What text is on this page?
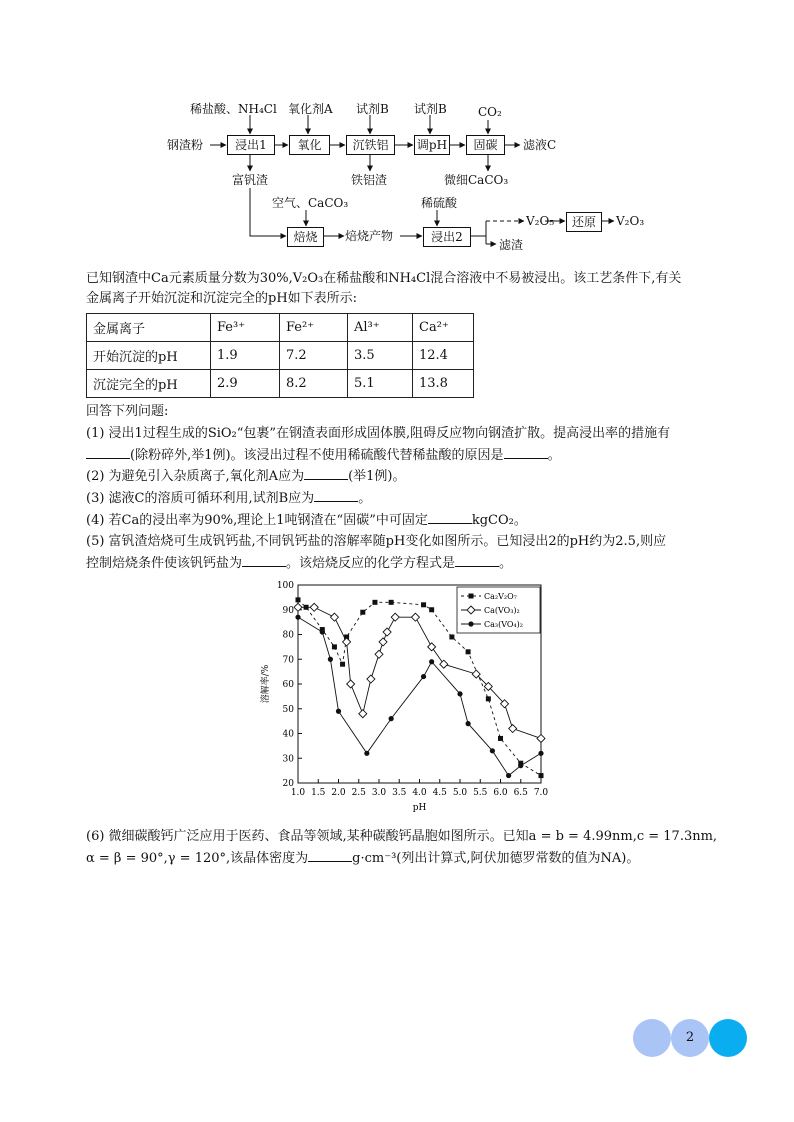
钢渣粉
稀盐酸、NH₄Cl 氧化剂A 试剂B 试剂B	CO₂
浸出1	氧化	沉铁铝	调pH	固碳	滤液C
富钒渣	铁铝渣	微细CaCO₃
空气、CaCO₃	稀硫酸
焙烧	焙烧产物	浸出2
V₂O₅	还原	V₂O₃
滤渣
已知钢渣中Ca元素质量分数为30%,V₂O₃在稀盐酸和NH₄Cl混合溶液中不易被浸出。该工艺条件下,有关
金属离子开始沉淀和沉淀完全的pH如下表所示:
金属离子	Fe³⁺	Fe²⁺	Al³⁺	Ca²⁺
开始沉淀的pH	1.9	7.2	3.5	12.4
沉淀完全的pH	2.9	8.2	5.1	13.8
回答下列问题:
(1) 浸出1过程生成的SiO₂“包裹”在钢渣表面形成固体膜,阻碍反应物向钢渣扩散。提高浸出率的措施有
(除粉碎外,举1例)。该浸出过程不使用稀硫酸代替稀盐酸的原因是	。
(2) 为避免引入杂质离子,氧化剂A应为	(举1例)。
(3) 滤液C的溶质可循环利用,试剂B应为	。
(4) 若Ca的浸出率为90%,理论上1吨钢渣在“固碳”中可固定	kgCO₂。
(5) 富钒渣焙烧可生成钒钙盐,不同钒钙盐的溶解率随pH变化如图所示。已知浸出2的pH约为2.5,则应
控制焙烧条件使该钒钙盐为	。该焙烧反应的化学方程式是	。
1.0 1.5 2.0 2.5 3.0 3.5 4.0 4.5 5.0 5.5 6.0 6.5 7.0
20
30
40
50
60
70
80
90
100
pH
溶解率/%
Ca₂V₂O₇
Ca(VO₃)₂
Ca₃(VO₄)₂
(6) 微细碳酸钙广泛应用于医药、食品等领域,某种碳酸钙晶胞如图所示。已知a = b = 4.99nm,c = 17.3nm,
α = β = 90°,γ = 120°,该晶体密度为	g·cm⁻³(列出计算式,阿伏加德罗常数的值为NA)。
2
